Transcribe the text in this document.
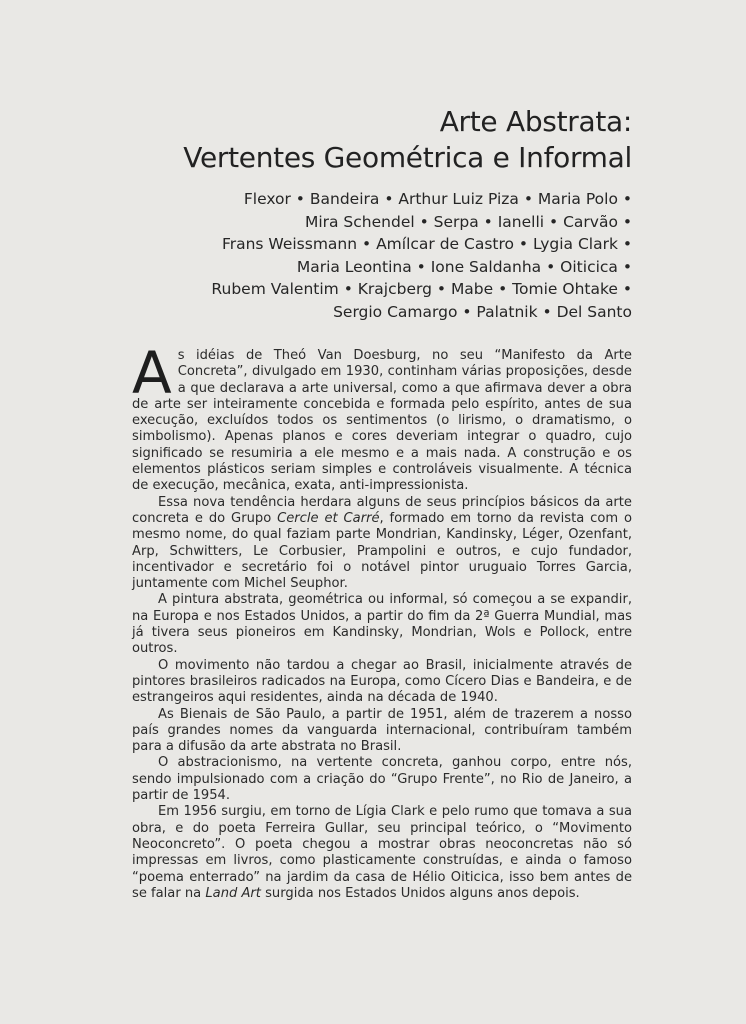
Arte Abstrata:
Vertentes Geométrica e Informal
Flexor • Bandeira • Arthur Luiz Piza • Maria Polo •
Mira Schendel • Serpa • Ianelli • Carvão •
Frans Weissmann • Amílcar de Castro • Lygia Clark •
Maria Leontina • Ione Saldanha • Oiticica •
Rubem Valentim • Krajcberg • Mabe • Tomie Ohtake •
Sergio Camargo • Palatnik • Del Santo

As idéias de Theó Van Doesburg, no seu “Manifesto da Arte Concreta”, divulgado em 1930, continham várias proposições, desde a que declarava a arte universal, como a que afirmava dever a obra de arte ser inteiramente concebida e formada pelo espírito, antes de sua execução, excluídos todos os sentimentos (o lirismo, o dramatismo, o simbolismo). Apenas planos e cores deveriam integrar o quadro, cujo significado se resumiria a ele mesmo e a mais nada. A construção e os elementos plásticos seriam simples e controláveis visualmente. A técnica de execução, mecânica, exata, anti-impressionista.

Essa nova tendência herdara alguns de seus princípios básicos da arte concreta e do Grupo Cercle et Carré, formado em torno da revista com o mesmo nome, do qual faziam parte Mondrian, Kandinsky, Léger, Ozenfant, Arp, Schwitters, Le Corbusier, Prampolini e outros, e cujo fundador, incentivador e secretário foi o notável pintor uruguaio Torres Garcia, juntamente com Michel Seuphor.

A pintura abstrata, geométrica ou informal, só começou a se expandir, na Europa e nos Estados Unidos, a partir do fim da 2ª Guerra Mundial, mas já tivera seus pioneiros em Kandinsky, Mondrian, Wols e Pollock, entre outros.

O movimento não tardou a chegar ao Brasil, inicialmente através de pintores brasileiros radicados na Europa, como Cícero Dias e Bandeira, e de estrangeiros aqui residentes, ainda na década de 1940.

As Bienais de São Paulo, a partir de 1951, além de trazerem a nosso país grandes nomes da vanguarda internacional, contribuíram também para a difusão da arte abstrata no Brasil.

O abstracionismo, na vertente concreta, ganhou corpo, entre nós, sendo impulsionado com a criação do “Grupo Frente”, no Rio de Janeiro, a partir de 1954.

Em 1956 surgiu, em torno de Lígia Clark e pelo rumo que tomava a sua obra, e do poeta Ferreira Gullar, seu principal teórico, o “Movimento Neoconcreto”. O poeta chegou a mostrar obras neoconcretas não só impressas em livros, como plasticamente construídas, e ainda o famoso “poema enterrado” na jardim da casa de Hélio Oiticica, isso bem antes de se falar na Land Art surgida nos Estados Unidos alguns anos depois.
